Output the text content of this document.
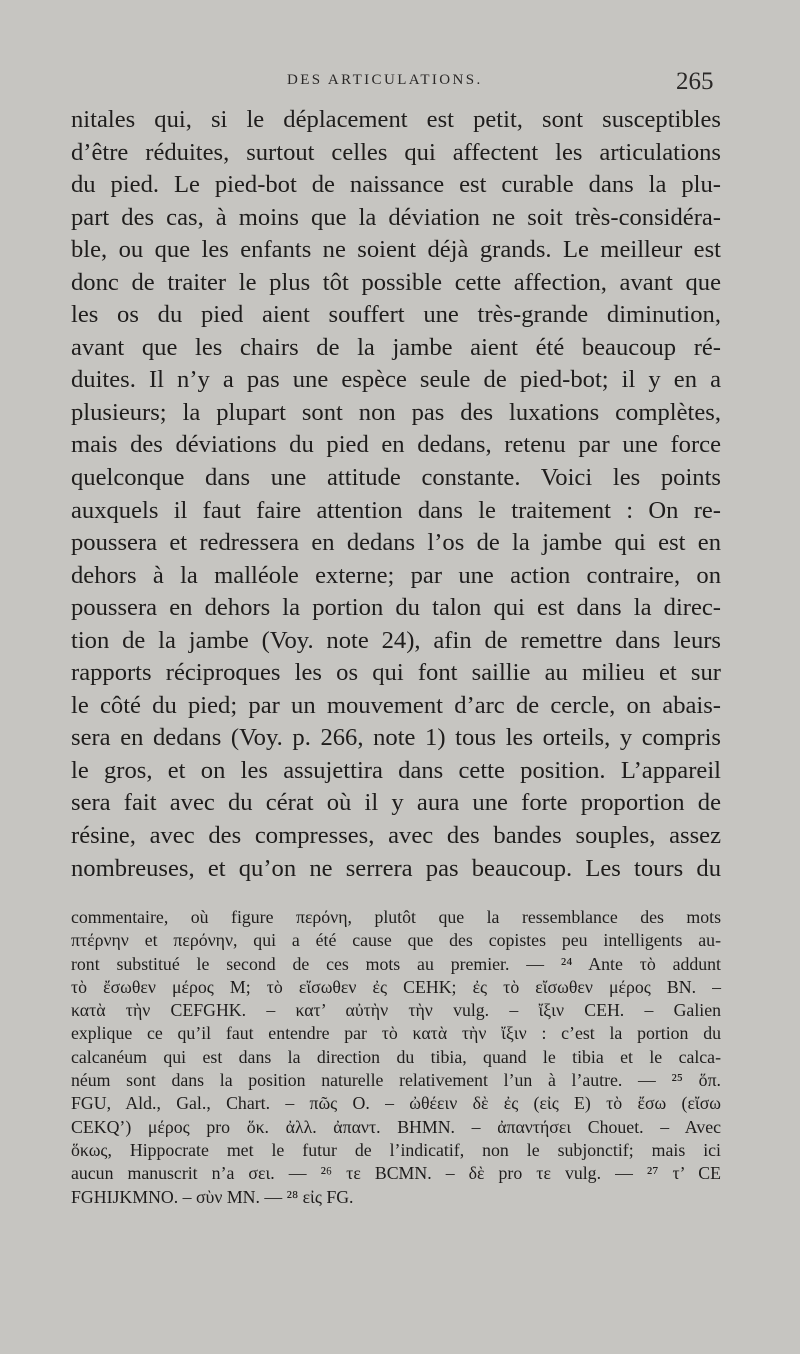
DES ARTICULATIONS.	265
nitales qui, si le déplacement est petit, sont susceptibles
d’être réduites, surtout celles qui affectent les articulations
du pied. Le pied-bot de naissance est curable dans la plu-
part des cas, à moins que la déviation ne soit très-considéra-
ble, ou que les enfants ne soient déjà grands. Le meilleur est
donc de traiter le plus tôt possible cette affection, avant que
les os du pied aient souffert une très-grande diminution,
avant que les chairs de la jambe aient été beaucoup ré-
duites. Il n’y a pas une espèce seule de pied-bot; il y en a
plusieurs; la plupart sont non pas des luxations complètes,
mais des déviations du pied en dedans, retenu par une force
quelconque dans une attitude constante. Voici les points
auxquels il faut faire attention dans le traitement : On re-
poussera et redressera en dedans l’os de la jambe qui est en
dehors à la malléole externe; par une action contraire, on
poussera en dehors la portion du talon qui est dans la direc-
tion de la jambe (Voy. note 24), afin de remettre dans leurs
rapports réciproques les os qui font saillie au milieu et sur
le côté du pied; par un mouvement d’arc de cercle, on abais-
sera en dedans (Voy. p. 266, note 1) tous les orteils, y compris
le gros, et on les assujettira dans cette position. L’appareil
sera fait avec du cérat où il y aura une forte proportion de
résine, avec des compresses, avec des bandes souples, assez
nombreuses, et qu’on ne serrera pas beaucoup. Les tours du
commentaire, où figure περόνη, plutôt que la ressemblance des mots
πτέρνην et περόνην, qui a été cause que des copistes peu intelligents au-
ront substitué le second de ces mots au premier. — ²⁴ Ante τὸ addunt
τὸ ἔσωθεν μέρος M; τὸ εἴσωθεν ἐς CEHK; ἐς τὸ εἴσωθεν μέρος BN. –
κατὰ τὴν CEFGHK. – κατ’ αὐτὴν τὴν vulg. – ἴξιν CEH. – Galien
explique ce qu’il faut entendre par τὸ κατὰ τὴν ἴξιν : c’est la portion du
calcanéum qui est dans la direction du tibia, quand le tibia et le calca-
néum sont dans la position naturelle relativement l’un à l’autre. — ²⁵ ὅπ.
FGU, Ald., Gal., Chart. – πῶς O. – ὠθέειν δὲ ἐς (εἰς E) τὸ ἔσω (εἴσω
CEKQ’) μέρος pro ὅκ. ἀλλ. ἀπαντ. BHMN. – ἀπαντήσει Chouet. – Avec
ὅκως, Hippocrate met le futur de l’indicatif, non le subjonctif; mais ici
aucun manuscrit n’a σει. — ²⁶ τε BCMN. – δὲ pro τε vulg. — ²⁷ τ’ CE
FGHIJKMNO. – σὺν MN. — ²⁸ εἰς FG.
